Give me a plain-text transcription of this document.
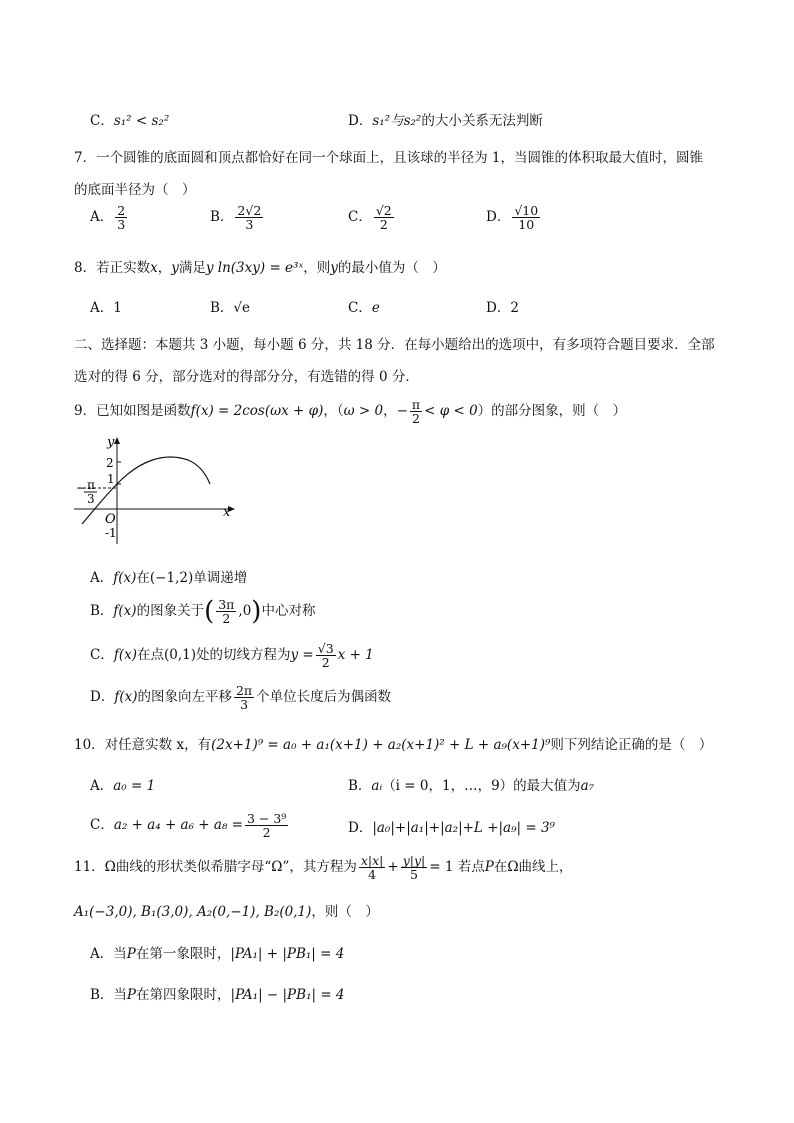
C．s₁² < s₂²	D．s₁²与s₂²的大小关系无法判断
7．一个圆锥的底面圆和顶点都恰好在同一个球面上，且该球的半径为 1，当圆锥的体积取最大值时，圆锥
的底面半径为（　）
A． $\frac{2}{3}$	B． $\frac{2√2}{3}$	C． $\frac{√2}{2}$	D． $\frac{√10}{10}$
8．若正实数x，y满足y ln(3xy) = e³ˣ，则y的最小值为（　）
A．1	B．√e	C．e	D．2
二、选择题：本题共 3 小题，每小题 6 分，共 18 分．在每小题给出的选项中，有多项符合题目要求．全部
选对的得 6 分，部分选对的得部分分，有选错的得 0 分．
9．已知如图是函数f(x) = 2cos(ωx + φ)，（ω > 0，− $\frac{\pi}{2} < \varphi < 0$）的部分图象，则（　）
y
2
1
O
-1
x
− π
3
A．f(x)在(−1,2)单调递增
B．f(x)的图象关于( $\frac{3\pi}{2} ,0$)中心对称
C．f(x)在点(0,1)处的切线方程为$y = \frac{√3}{2}$ x + 1
D．f(x)的图象向左平移 $\frac{2\pi}{3}$ 个单位长度后为偶函数
10．对任意实数 x，有(2x+1)⁹ = a₀ + a₁(x+1) + a₂(x+1)² + L + a₉(x+1)⁹则下列结论正确的是（　）
A．a₀ = 1	B．aᵢ（i = 0，1，…，9）的最大值为a₇
C．$a_2 + a_4 + a_6 + a_8 = \frac{\text{3 − 3⁹}}{2}$	D．|a₀|+|a₁|+|a₂|+L +|a₉| = 3⁹
11．Ω曲线的形状类似希腊字母“Ω”，其方程为 $\frac{x|x|}{4} + \frac{y|y|}{5} = 1$ 若点P在Ω曲线上，
A₁(−3,0), B₁(3,0), A₂(0,−1), B₂(0,1)，则（　）
A．当P在第一象限时，|PA₁| + |PB₁| = 4
B．当P在第四象限时，|PA₁| − |PB₁| = 4
